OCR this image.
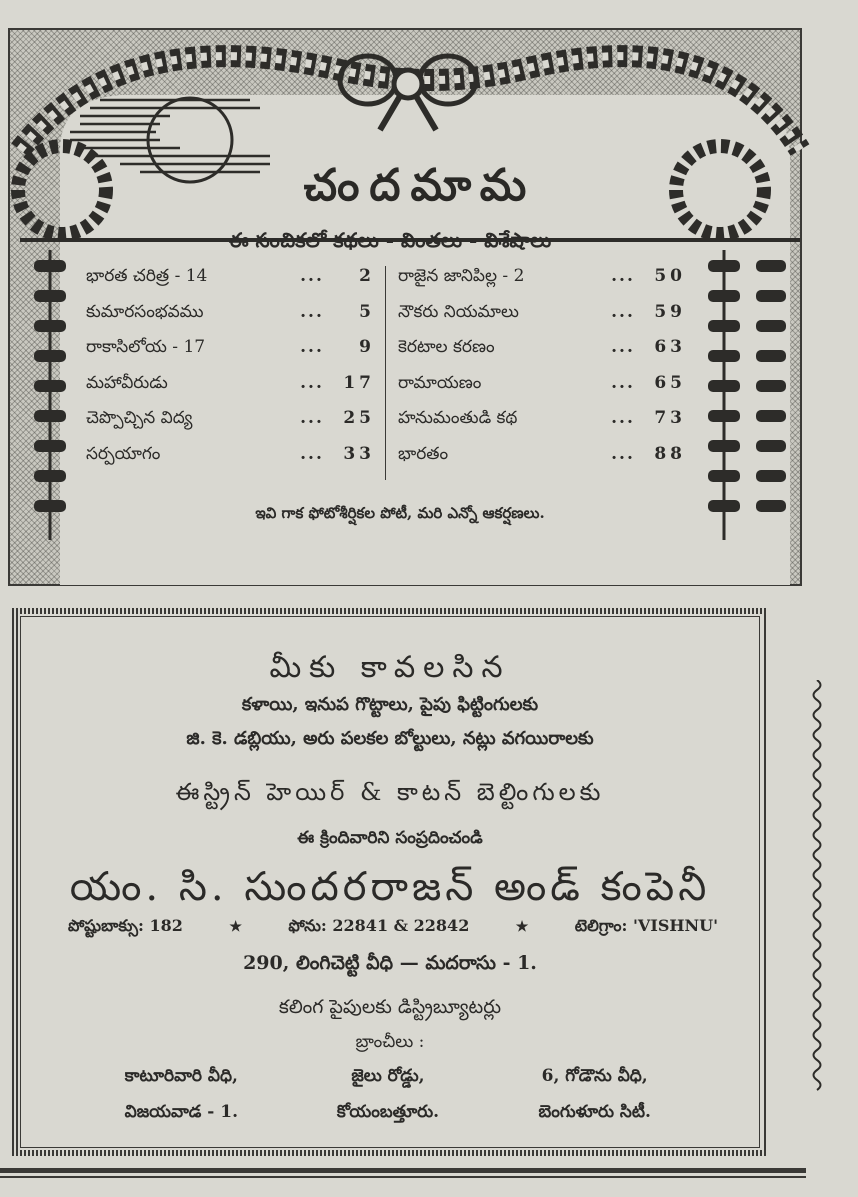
చందమామ
ఈ సంచికలో కథలు - వింతలు - విశేషాలు
భారత చరిత్ర - 14	...	2
కుమారసంభవము	...	5
రాకాసిలోయ - 17	...	9
మహావీరుడు	...	17
చెప్పొచ్చిన విద్య	...	25
సర్పయాగం	...	33
రాజైన జానిపిల్ల - 2	...	50
నౌకరు నియమాలు	...	59
కెరటాల కరణం	...	63
రామాయణం	...	65
హనుమంతుడి కథ	...	73
భారతం	...	88
ఇవి గాక ఫోటోశీర్షికల పోటీ, మరి ఎన్నో ఆకర్షణలు.
మీకు కావలసిన
కళాయి, ఇనుప గొట్టాలు, పైపు ఫిట్టింగులకు
జి. కె. డబ్లియు, అరు పలకల బోల్టులు, నట్లు వగయిరాలకు
ఈస్ట్రిన్ హెయిర్ & కాటన్ బెల్టింగులకు
ఈ క్రిందివారిని సంప్రదించండి
యం. సి. సుందరరాజన్ అండ్ కంపెనీ
పోష్టుబాక్సు: 182	★	ఫోను: 22841 & 22842	★	టెలిగ్రాం: 'VISHNU'
290, లింగిచెట్టి వీధి — మదరాసు - 1.
కలింగ పైపులకు డిస్ట్రిబ్యూటర్లు
బ్రాంచీలు :
కాటూరివారి వీధి,	జైలు రోడ్డు,	6, గోడౌను వీధి,
విజయవాడ - 1.	కోయంబత్తూరు.	బెంగుళూరు సిటీ.
